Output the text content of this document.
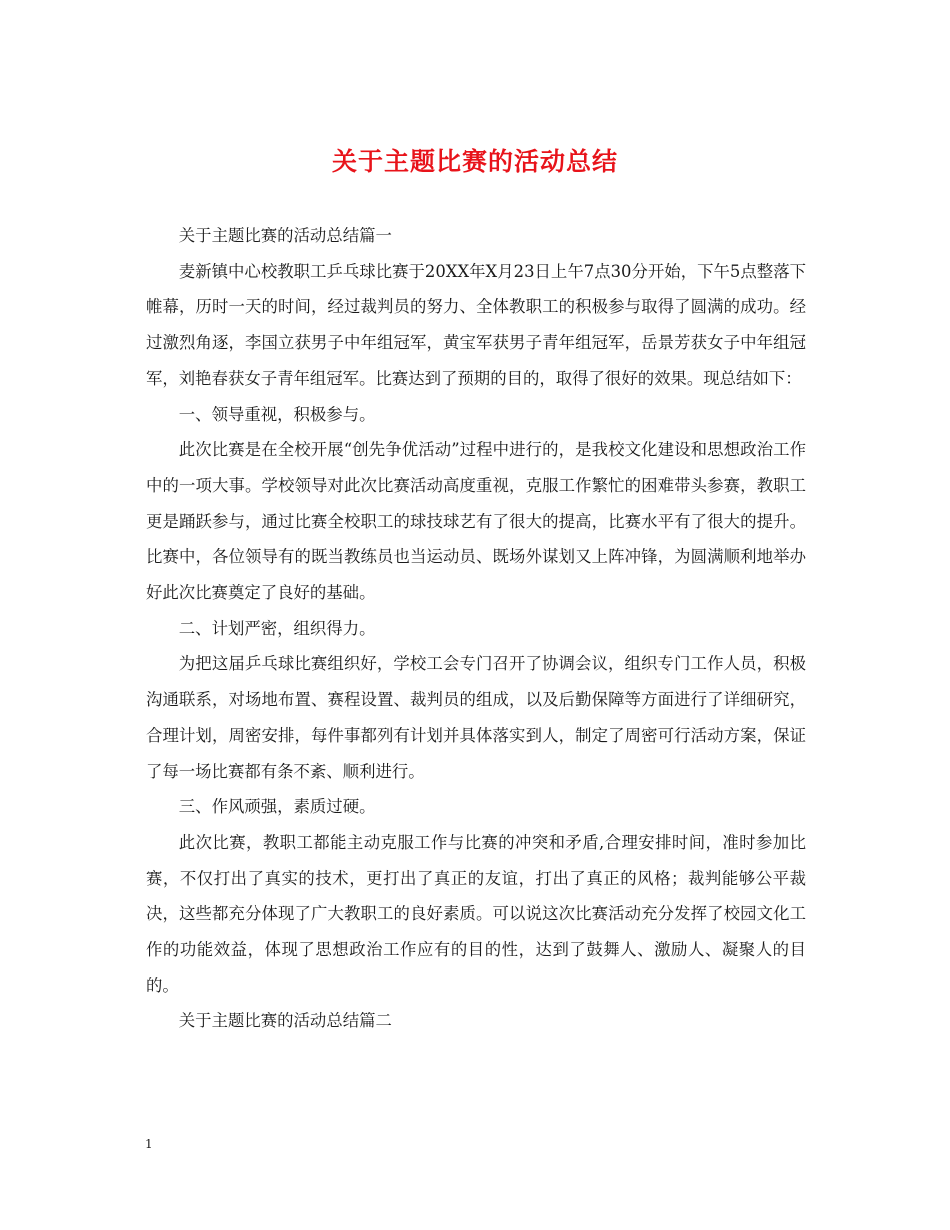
关于主题比赛的活动总结

关于主题比赛的活动总结篇一

麦新镇中心校教职工乒乓球比赛于20XX年X月23日上午7点30分开始，下午5点整落下帷幕，历时一天的时间，经过裁判员的努力、全体教职工的积极参与取得了圆满的成功。经过激烈角逐，李国立获男子中年组冠军，黄宝军获男子青年组冠军，岳景芳获女子中年组冠军，刘艳春获女子青年组冠军。比赛达到了预期的目的，取得了很好的效果。现总结如下：

一、领导重视，积极参与。

此次比赛是在全校开展“创先争优活动”过程中进行的，是我校文化建设和思想政治工作中的一项大事。学校领导对此次比赛活动高度重视，克服工作繁忙的困难带头参赛，教职工更是踊跃参与，通过比赛全校职工的球技球艺有了很大的提高，比赛水平有了很大的提升。比赛中，各位领导有的既当教练员也当运动员、既场外谋划又上阵冲锋，为圆满顺利地举办好此次比赛奠定了良好的基础。

二、计划严密，组织得力。

为把这届乒乓球比赛组织好，学校工会专门召开了协调会议，组织专门工作人员，积极沟通联系，对场地布置、赛程设置、裁判员的组成，以及后勤保障等方面进行了详细研究，合理计划，周密安排，每件事都列有计划并具体落实到人，制定了周密可行活动方案，保证了每一场比赛都有条不紊、顺利进行。

三、作风顽强，素质过硬。

此次比赛，教职工都能主动克服工作与比赛的冲突和矛盾,合理安排时间，准时参加比赛，不仅打出了真实的技术，更打出了真正的友谊，打出了真正的风格；裁判能够公平裁决，这些都充分体现了广大教职工的良好素质。可以说这次比赛活动充分发挥了校园文化工作的功能效益，体现了思想政治工作应有的目的性，达到了鼓舞人、激励人、凝聚人的目的。

关于主题比赛的活动总结篇二

1
